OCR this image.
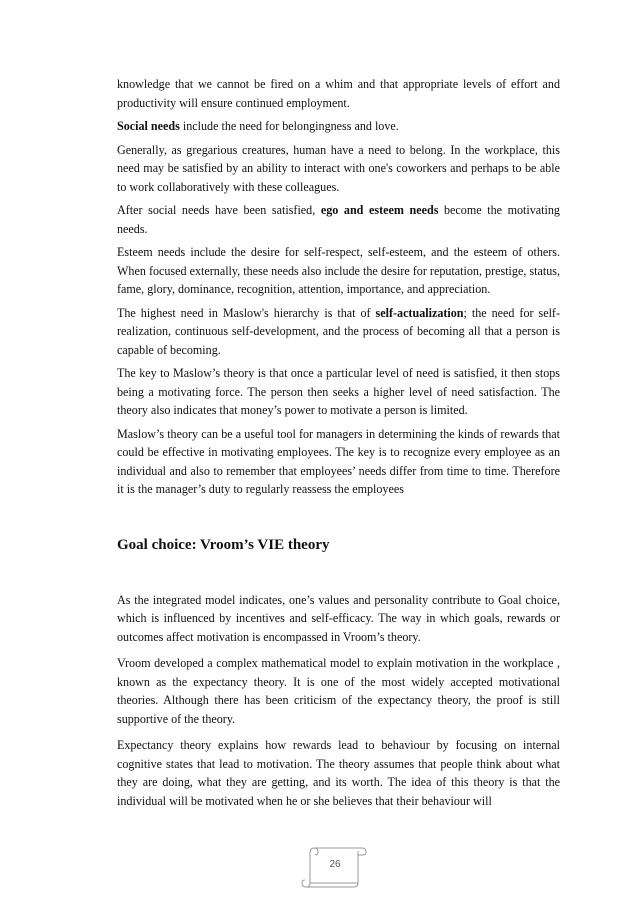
knowledge that we cannot be fired on a whim and that appropriate levels of effort and productivity will ensure continued employment.

Social needs include the need for belongingness and love.

Generally, as gregarious creatures, human have a need to belong. In the workplace, this need may be satisfied by an ability to interact with one's coworkers and perhaps to be able to work collaboratively with these colleagues.

After social needs have been satisfied, ego and esteem needs become the motivating needs.

Esteem needs include the desire for self-respect, self-esteem, and the esteem of others. When focused externally, these needs also include the desire for reputation, prestige, status, fame, glory, dominance, recognition, attention, importance, and appreciation.

The highest need in Maslow's hierarchy is that of self-actualization; the need for self-realization, continuous self-development, and the process of becoming all that a person is capable of becoming.

The key to Maslow’s theory is that once a particular level of need is satisfied, it then stops being a motivating force. The person then seeks a higher level of need satisfaction. The theory also indicates that money’s power to motivate a person is limited.

Maslow’s theory can be a useful tool for managers in determining the kinds of rewards that could be effective in motivating employees. The key is to recognize every employee as an individual and also to remember that employees’ needs differ from time to time. Therefore it is the manager’s duty to regularly reassess the employees

Goal choice: Vroom’s VIE theory

As the integrated model indicates, one’s values and personality contribute to Goal choice, which is influenced by incentives and self-efficacy. The way in which goals, rewards or outcomes affect motivation is encompassed in Vroom’s theory.

Vroom developed a complex mathematical model to explain motivation in the workplace , known as the expectancy theory. It is one of the most widely accepted motivational theories. Although there has been criticism of the expectancy theory, the proof is still supportive of the theory.

Expectancy theory explains how rewards lead to behaviour by focusing on internal cognitive states that lead to motivation. The theory assumes that people think about what they are doing, what they are getting, and its worth. The idea of this theory is that the individual will be motivated when he or she believes that their behaviour will

26
